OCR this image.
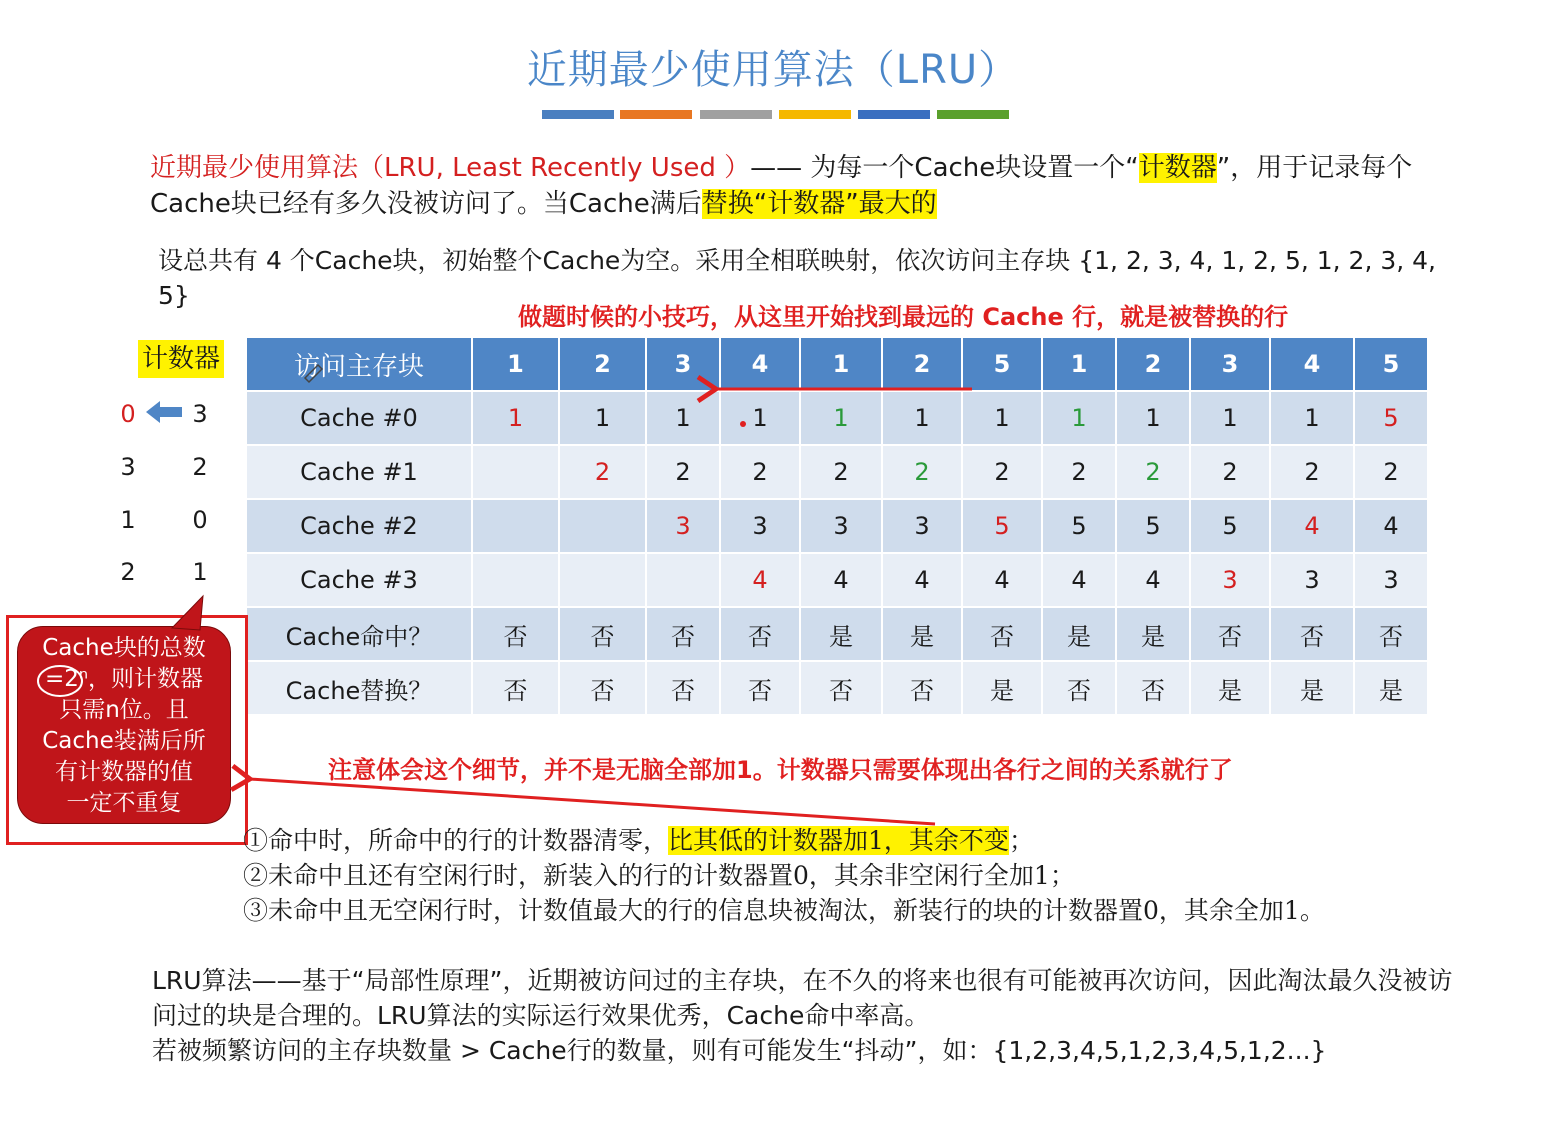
近期最少使用算法（LRU）
近期最少使用算法（LRU, Least Recently Used ）—— 为每一个Cache块设置一个“计数器”，用于记录每个Cache块已经有多久没被访问了。当Cache满后替换“计数器”最大的
设总共有 4 个Cache块，初始整个Cache为空。采用全相联映射，依次访问主存块 {1, 2, 3, 4, 1, 2, 5, 1, 2, 3, 4, 5}
做题时候的小技巧，从这里开始找到最远的 Cache 行，就是被替换的行
计数器
0	3
3	2
1	0
2	1
访问主存块	1	2	3	4	1	2	5	1	2	3	4	5
Cache #0	1	1	1	1	1	1	1	1	1	1	1	5
Cache #1		2	2	2	2	2	2	2	2	2	2	2
Cache #2			3	3	3	3	5	5	5	5	4	4
Cache #3				4	4	4	4	4	4	3	3	3
Cache命中？	否	否	否	否	是	是	否	是	是	否	否	否
Cache替换？	否	否	否	否	否	否	是	否	否	是	是	是
Cache块的总数
=2ⁿ，则计数器
只需n位。且
Cache装满后所
有计数器的值
一定不重复
注意体会这个细节，并不是无脑全部加1。计数器只需要体现出各行之间的关系就行了
①命中时，所命中的行的计数器清零，比其低的计数器加1，其余不变；
②未命中且还有空闲行时，新装入的行的计数器置0，其余非空闲行全加1；
③未命中且无空闲行时，计数值最大的行的信息块被淘汰，新装行的块的计数器置0，其余全加1。
LRU算法——基于“局部性原理”，近期被访问过的主存块，在不久的将来也很有可能被再次访问，因此淘汰最久没被访问过的块是合理的。LRU算法的实际运行效果优秀，Cache命中率高。
若被频繁访问的主存块数量 > Cache行的数量，则有可能发生“抖动”，如：{1,2,3,4,5,1,2,3,4,5,1,2...}
